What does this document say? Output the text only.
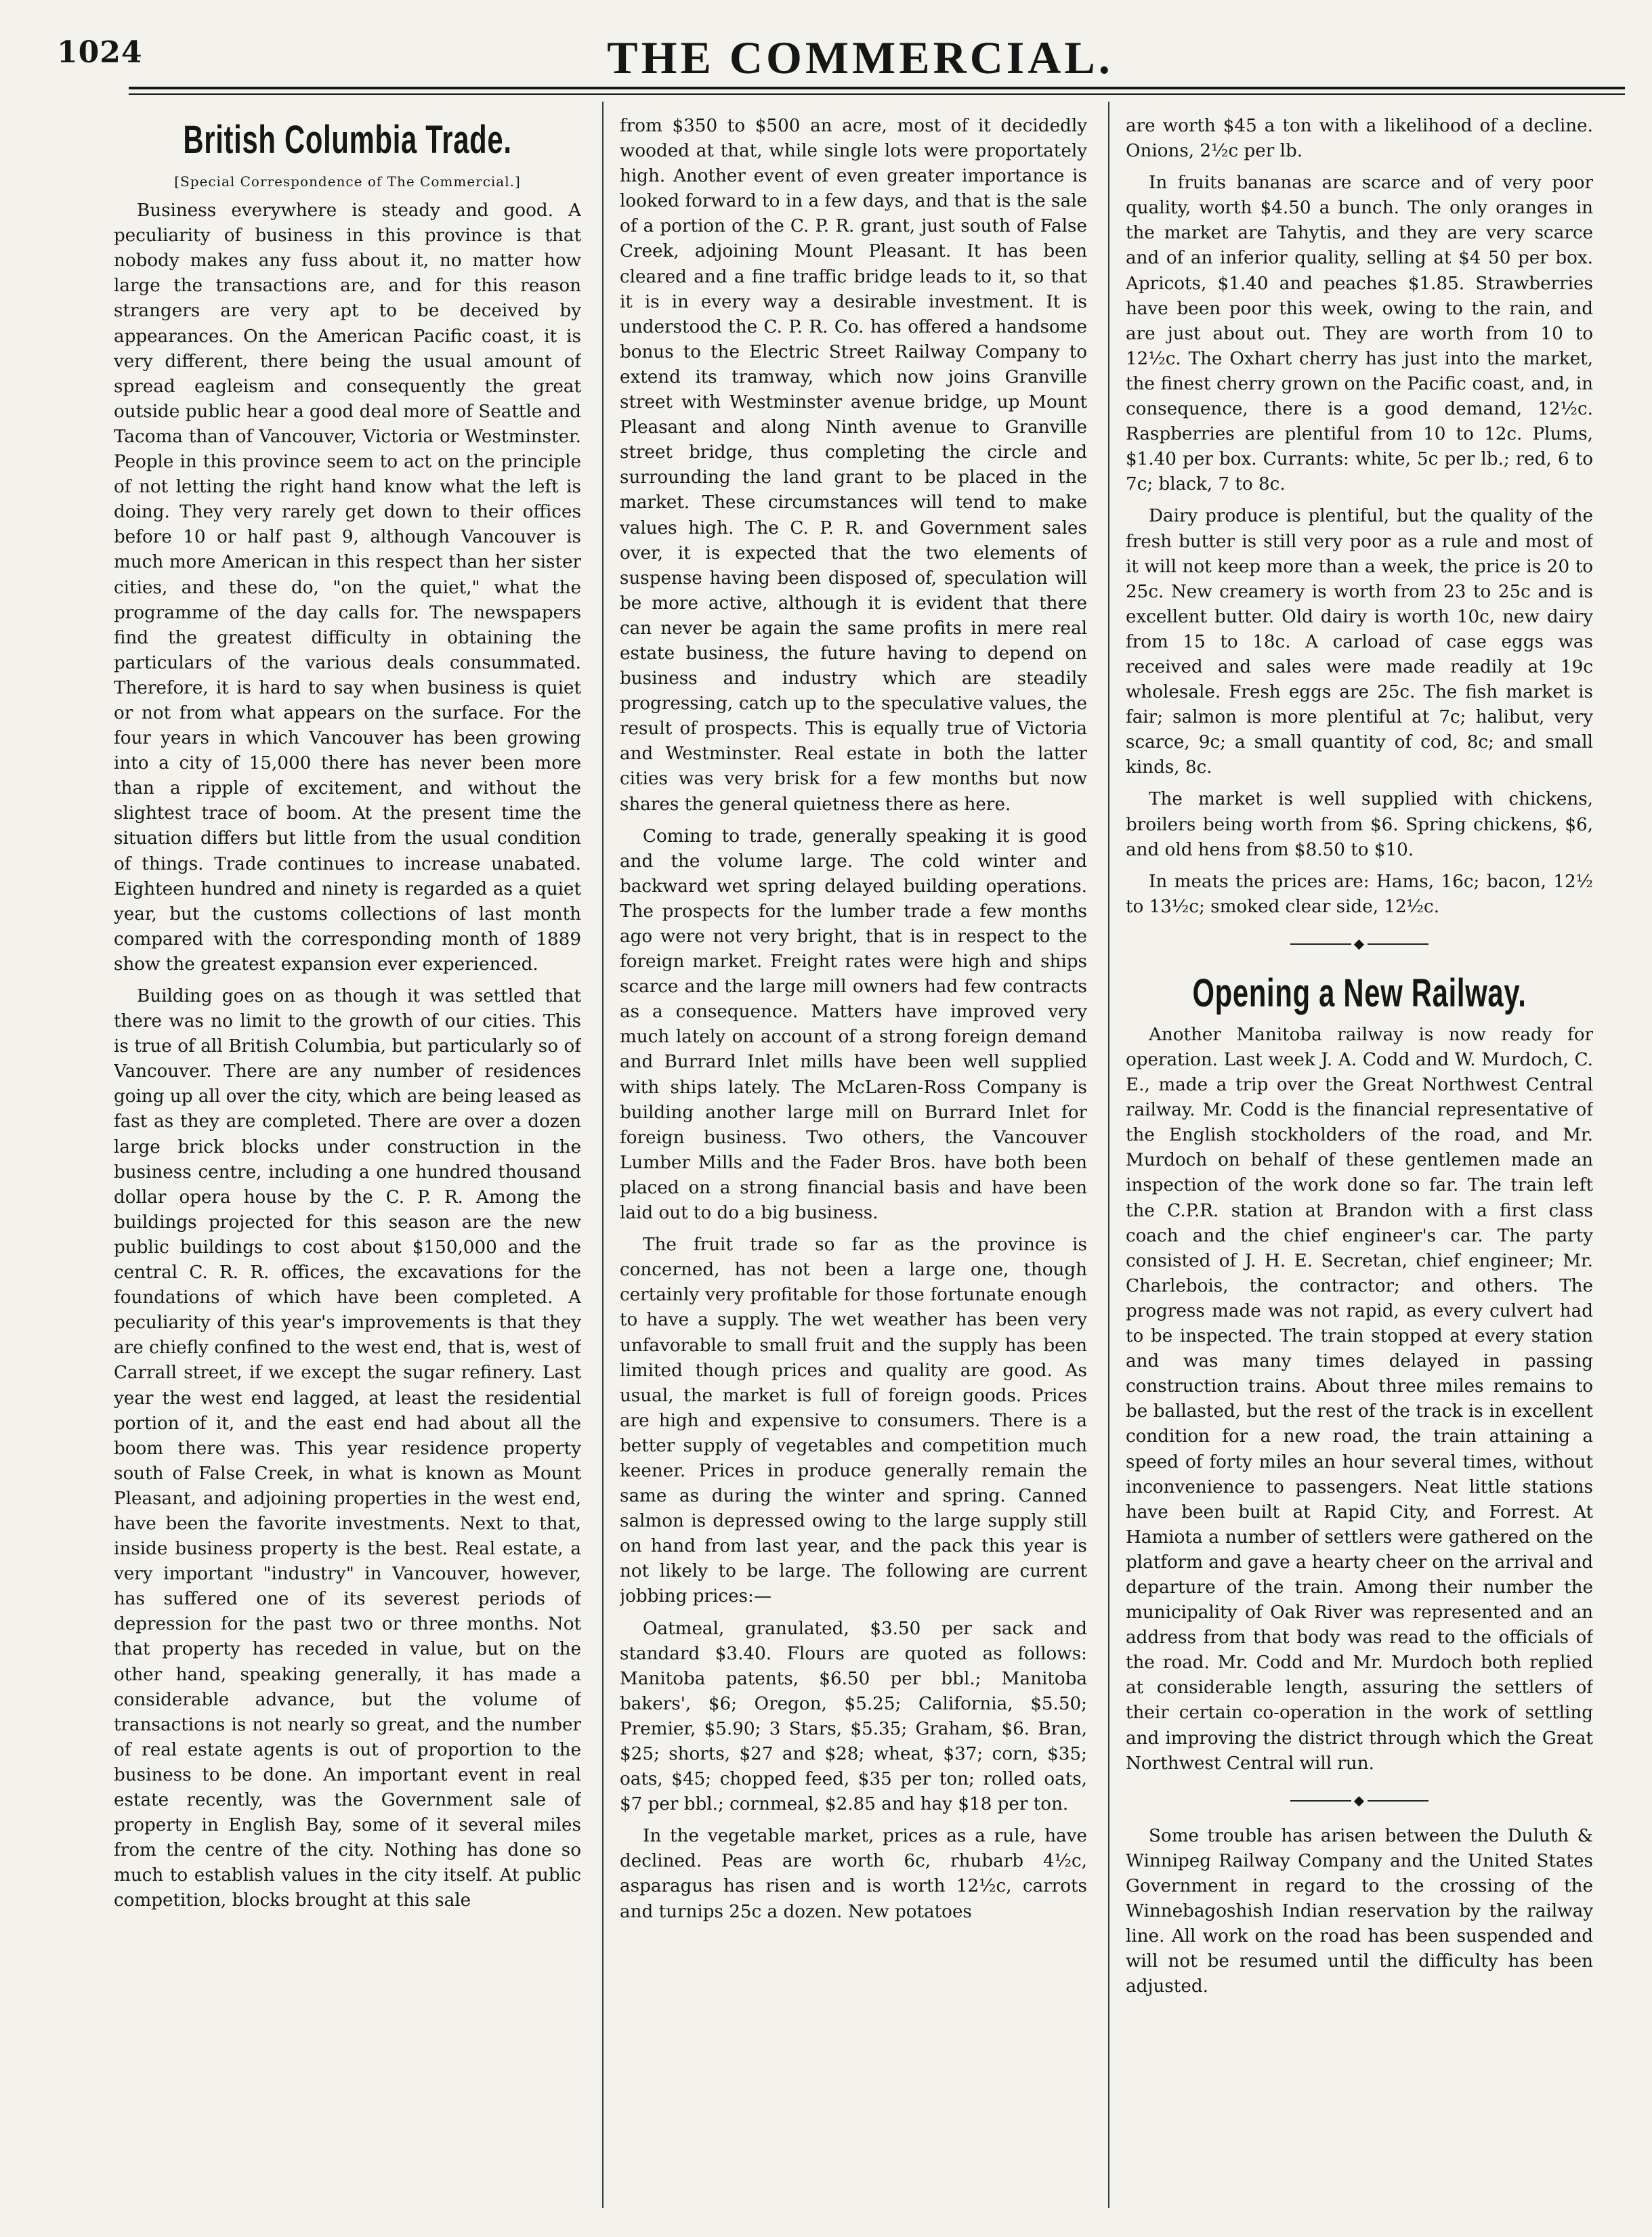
1024	THE COMMERCIAL.
British Columbia Trade.
[Special Correspondence of The Commercial.]

Business everywhere is steady and good. A peculiarity of business in this province is that nobody makes any fuss about it, no matter how large the transactions are, and for this reason strangers are very apt to be deceived by appearances. On the American Pacific coast, it is very different, there being the usual amount of spread eagleism and consequently the great outside public hear a good deal more of Seattle and Tacoma than of Vancouver, Victoria or Westminster. People in this province seem to act on the principle of not letting the right hand know what the left is doing. They very rarely get down to their offices before 10 or half past 9, although Vancouver is much more American in this respect than her sister cities, and these do, "on the quiet," what the programme of the day calls for. The newspapers find the greatest difficulty in obtaining the particulars of the various deals consummated. Therefore, it is hard to say when business is quiet or not from what appears on the surface. For the four years in which Vancouver has been growing into a city of 15,000 there has never been more than a ripple of excitement, and without the slightest trace of boom. At the present time the situation differs but little from the usual condition of things. Trade continues to increase unabated. Eighteen hundred and ninety is regarded as a quiet year, but the customs collections of last month compared with the corresponding month of 1889 show the greatest expansion ever experienced.

Building goes on as though it was settled that there was no limit to the growth of our cities. This is true of all British Columbia, but particularly so of Vancouver. There are any number of residences going up all over the city, which are being leased as fast as they are completed. There are over a dozen large brick blocks under construction in the business centre, including a one hundred thousand dollar opera house by the C. P. R. Among the buildings projected for this season are the new public buildings to cost about $150,000 and the central C. R. R. offices, the excavations for the foundations of which have been completed. A peculiarity of this year's improvements is that they are chiefly confined to the west end, that is, west of Carrall street, if we except the sugar refinery. Last year the west end lagged, at least the residential portion of it, and the east end had about all the boom there was. This year residence property south of False Creek, in what is known as Mount Pleasant, and adjoining properties in the west end, have been the favorite investments. Next to that, inside business property is the best. Real estate, a very important "industry" in Vancouver, however, has suffered one of its severest periods of depression for the past two or three months. Not that property has receded in value, but on the other hand, speaking generally, it has made a considerable advance, but the volume of transactions is not nearly so great, and the number of real estate agents is out of proportion to the business to be done. An important event in real estate recently, was the Government sale of property in English Bay, some of it several miles from the centre of the city. Nothing has done so much to establish values in the city itself. At public competition, blocks brought at this sale

from $350 to $500 an acre, most of it decidedly wooded at that, while single lots were proportately high. Another event of even greater importance is looked forward to in a few days, and that is the sale of a portion of the C. P. R. grant, just south of False Creek, adjoining Mount Pleasant. It has been cleared and a fine traffic bridge leads to it, so that it is in every way a desirable investment. It is understood the C. P. R. Co. has offered a handsome bonus to the Electric Street Railway Company to extend its tramway, which now joins Granville street with Westminster avenue bridge, up Mount Pleasant and along Ninth avenue to Granville street bridge, thus completing the circle and surrounding the land grant to be placed in the market. These circumstances will tend to make values high. The C. P. R. and Government sales over, it is expected that the two elements of suspense having been disposed of, speculation will be more active, although it is evident that there can never be again the same profits in mere real estate business, the future having to depend on business and industry which are steadily progressing, catch up to the speculative values, the result of prospects. This is equally true of Victoria and Westminster. Real estate in both the latter cities was very brisk for a few months but now shares the general quietness there as here.

Coming to trade, generally speaking it is good and the volume large. The cold winter and backward wet spring delayed building operations. The prospects for the lumber trade a few months ago were not very bright, that is in respect to the foreign market. Freight rates were high and ships scarce and the large mill owners had few contracts as a consequence. Matters have improved very much lately on account of a strong foreign demand and Burrard Inlet mills have been well supplied with ships lately. The McLaren-Ross Company is building another large mill on Burrard Inlet for foreign business. Two others, the Vancouver Lumber Mills and the Fader Bros. have both been placed on a strong financial basis and have been laid out to do a big business.

The fruit trade so far as the province is concerned, has not been a large one, though certainly very profitable for those fortunate enough to have a supply. The wet weather has been very unfavorable to small fruit and the supply has been limited though prices and quality are good. As usual, the market is full of foreign goods. Prices are high and expensive to consumers. There is a better supply of vegetables and competition much keener. Prices in produce generally remain the same as during the winter and spring. Canned salmon is depressed owing to the large supply still on hand from last year, and the pack this year is not likely to be large. The following are current jobbing prices:—

Oatmeal, granulated, $3.50 per sack and standard $3.40. Flours are quoted as follows: Manitoba patents, $6.50 per bbl.; Manitoba bakers', $6; Oregon, $5.25; California, $5.50; Premier, $5.90; 3 Stars, $5.35; Graham, $6. Bran, $25; shorts, $27 and $28; wheat, $37; corn, $35; oats, $45; chopped feed, $35 per ton; rolled oats, $7 per bbl.; cornmeal, $2.85 and hay $18 per ton.

In the vegetable market, prices as a rule, have declined. Peas are worth 6c, rhubarb 4½c, asparagus has risen and is worth 12½c, carrots and turnips 25c a dozen. New potatoes

are worth $45 a ton with a likelihood of a decline. Onions, 2½c per lb.

In fruits bananas are scarce and of very poor quality, worth $4.50 a bunch. The only oranges in the market are Tahytis, and they are very scarce and of an inferior quality, selling at $4 50 per box. Apricots, $1.40 and peaches $1.85. Strawberries have been poor this week, owing to the rain, and are just about out. They are worth from 10 to 12½c. The Oxhart cherry has just into the market, the finest cherry grown on the Pacific coast, and, in consequence, there is a good demand, 12½c. Raspberries are plentiful from 10 to 12c. Plums, $1.40 per box. Currants: white, 5c per lb.; red, 6 to 7c; black, 7 to 8c.

Dairy produce is plentiful, but the quality of the fresh butter is still very poor as a rule and most of it will not keep more than a week, the price is 20 to 25c. New creamery is worth from 23 to 25c and is excellent butter. Old dairy is worth 10c, new dairy from 15 to 18c. A carload of case eggs was received and sales were made readily at 19c wholesale. Fresh eggs are 25c. The fish market is fair; salmon is more plentiful at 7c; halibut, very scarce, 9c; a small quantity of cod, 8c; and small kinds, 8c.

The market is well supplied with chickens, broilers being worth from $6. Spring chickens, $6, and old hens from $8.50 to $10.

In meats the prices are: Hams, 16c; bacon, 12½ to 13½c; smoked clear side, 12½c.

◆
Opening a New Railway.

Another Manitoba railway is now ready for operation. Last week J. A. Codd and W. Murdoch, C. E., made a trip over the Great Northwest Central railway. Mr. Codd is the financial representative of the English stockholders of the road, and Mr. Murdoch on behalf of these gentlemen made an inspection of the work done so far. The train left the C.P.R. station at Brandon with a first class coach and the chief engineer's car. The party consisted of J. H. E. Secretan, chief engineer; Mr. Charlebois, the contractor; and others. The progress made was not rapid, as every culvert had to be inspected. The train stopped at every station and was many times delayed in passing construction trains. About three miles remains to be ballasted, but the rest of the track is in excellent condition for a new road, the train attaining a speed of forty miles an hour several times, without inconvenience to passengers. Neat little stations have been built at Rapid City, and Forrest. At Hamiota a number of settlers were gathered on the platform and gave a hearty cheer on the arrival and departure of the train. Among their number the municipality of Oak River was represented and an address from that body was read to the officials of the road. Mr. Codd and Mr. Murdoch both replied at considerable length, assuring the settlers of their certain co-operation in the work of settling and improving the district through which the Great Northwest Central will run.

◆

Some trouble has arisen between the Duluth & Winnipeg Railway Company and the United States Government in regard to the crossing of the Winnebagoshish Indian reservation by the railway line. All work on the road has been suspended and will not be resumed until the difficulty has been adjusted.
